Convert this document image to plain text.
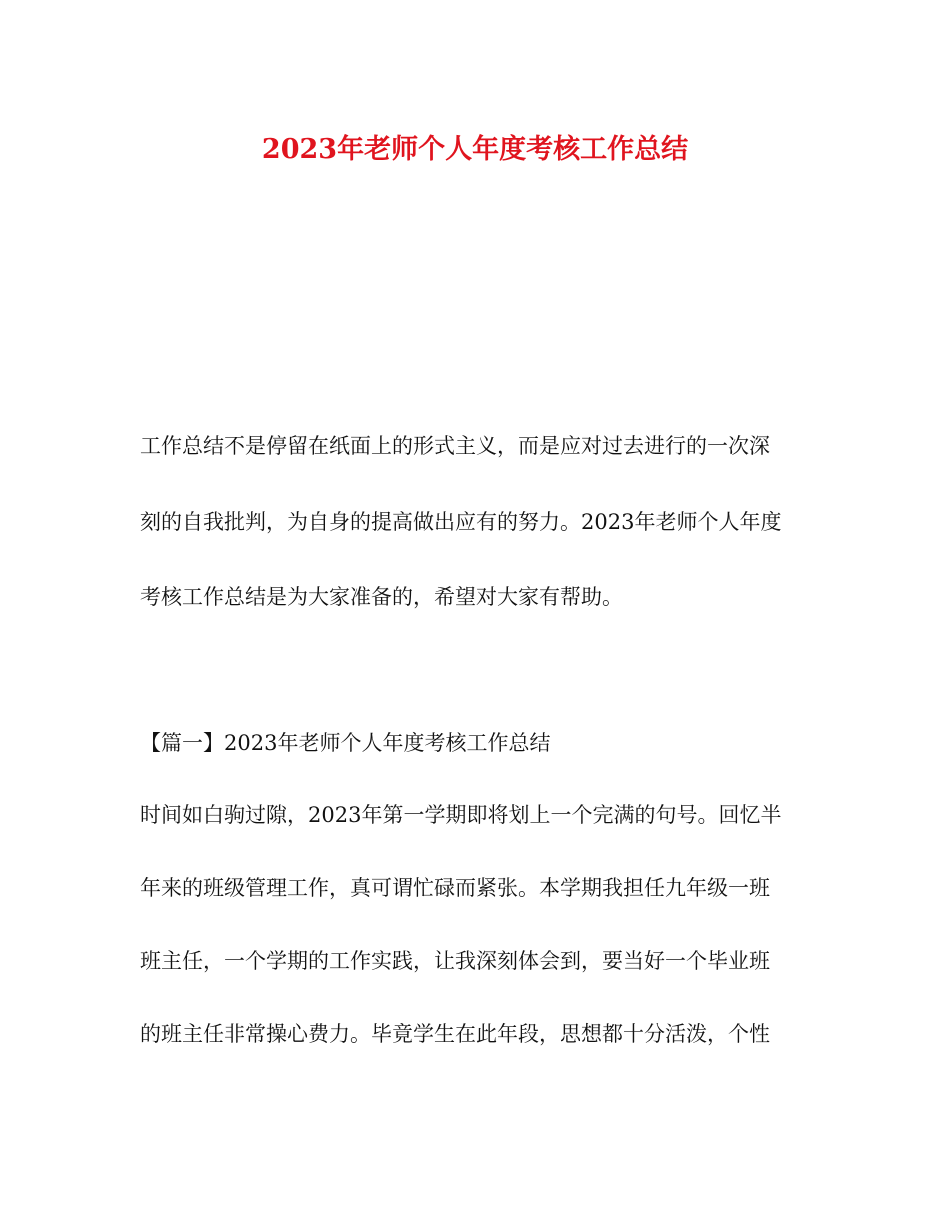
2023年老师个人年度考核工作总结
工作总结不是停留在纸面上的形式主义，而是应对过去进行的一次深
刻的自我批判，为自身的提高做出应有的努力。2023年老师个人年度
考核工作总结是为大家准备的，希望对大家有帮助。
【篇一】2023年老师个人年度考核工作总结
时间如白驹过隙，2023年第一学期即将划上一个完满的句号。回忆半
年来的班级管理工作，真可谓忙碌而紧张。本学期我担任九年级一班
班主任，一个学期的工作实践，让我深刻体会到，要当好一个毕业班
的班主任非常操心费力。毕竟学生在此年段，思想都十分活泼，个性
